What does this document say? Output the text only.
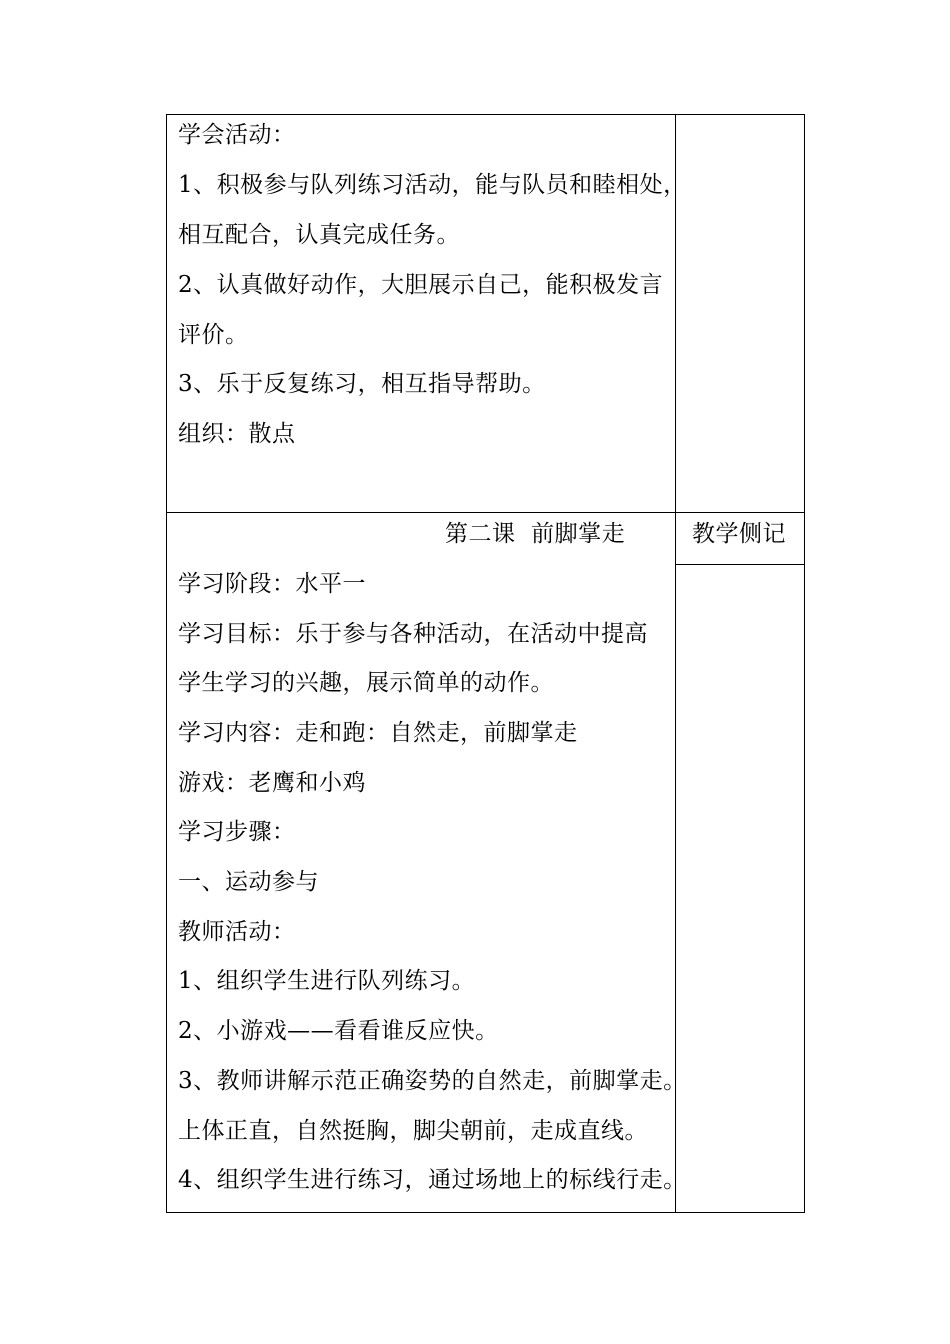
学会活动：
1、积极参与队列练习活动，能与队员和睦相处，
相互配合，认真完成任务。
2、认真做好动作，大胆展示自己，能积极发言
评价。
3、乐于反复练习，相互指导帮助。
组织：散点
第二课  前脚掌走	教学侧记
学习阶段：水平一
学习目标：乐于参与各种活动，在活动中提高
学生学习的兴趣，展示简单的动作。
学习内容：走和跑：自然走，前脚掌走
游戏：老鹰和小鸡
学习步骤：
一、运动参与
教师活动：
1、组织学生进行队列练习。
2、小游戏——看看谁反应快。
3、教师讲解示范正确姿势的自然走，前脚掌走。
上体正直，自然挺胸，脚尖朝前，走成直线。
4、组织学生进行练习，通过场地上的标线行走。
